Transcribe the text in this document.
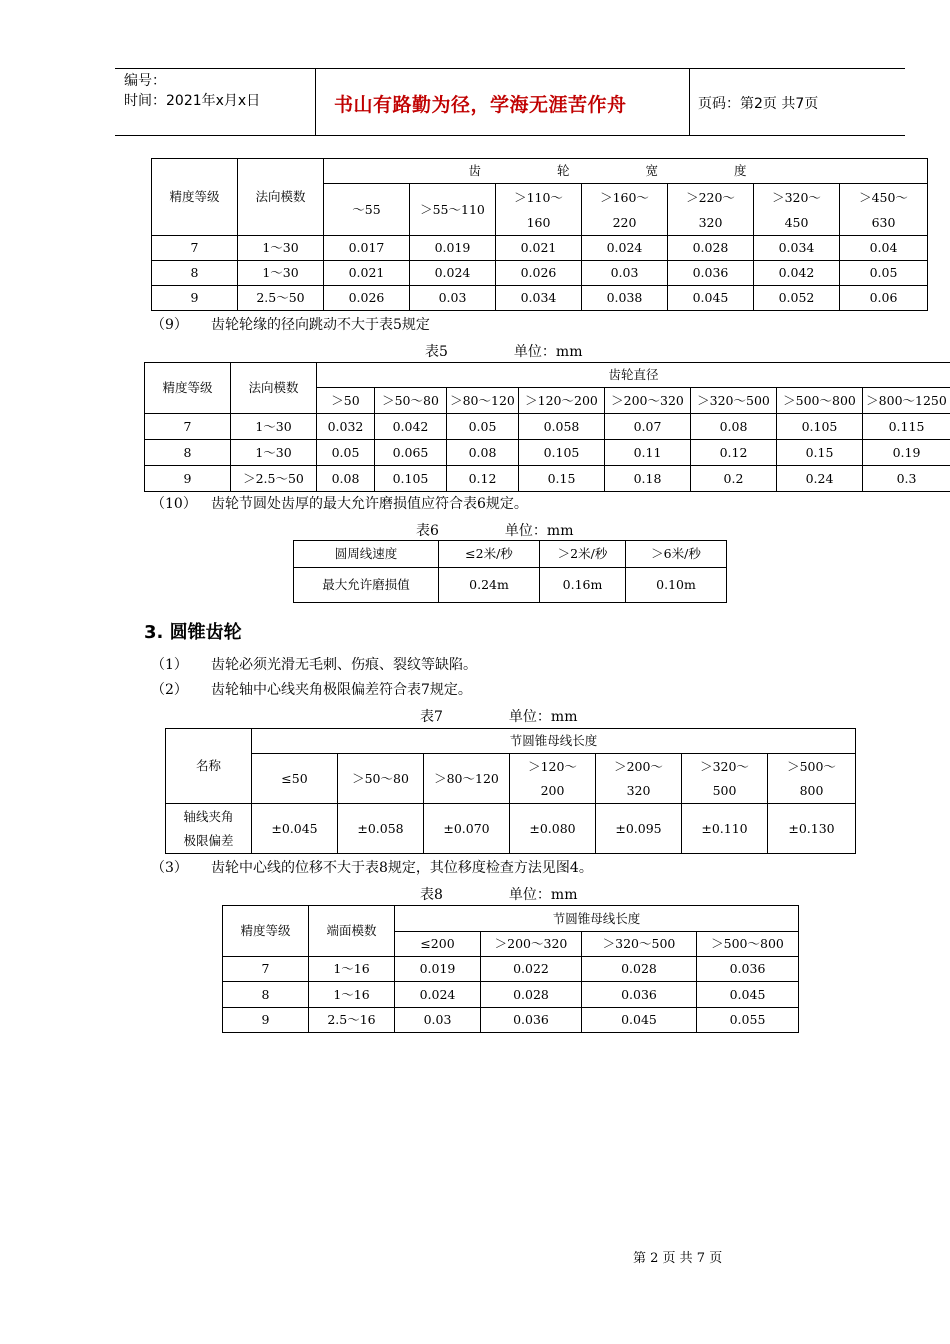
编号：
时间：2021年x月x日	书山有路勤为径，学海无涯苦作舟	页码：第2页 共7页
精度等级	法向模数	齿 轮 宽 度						
		～55	＞55～110	＞110～160	＞160～220	＞220～320	＞320～450	＞450～630
7	1～30	0.017	0.019	0.021	0.024	0.028	0.034	0.04
8	1～30	0.021	0.024	0.026	0.03	0.036	0.042	0.05
9	2.5～50	0.026	0.03	0.034	0.038	0.045	0.052	0.06
（9） 齿轮轮缘的径向跳动不大于表5规定
表5	单位：mm
精度等级	法向模数	齿轮直径							
		＞50	＞50～80	＞80～120	＞120～200	＞200～320	＞320～500	＞500～800	＞800～1250
7	1～30	0.032	0.042	0.05	0.058	0.07	0.08	0.105	0.115
8	1～30	0.05	0.065	0.08	0.105	0.11	0.12	0.15	0.19
9	＞2.5～50	0.08	0.105	0.12	0.15	0.18	0.2	0.24	0.3
（10） 齿轮节圆处齿厚的最大允许磨损值应符合表6规定。
表6	单位：mm
圆周线速度	≤2米/秒	＞2米/秒	＞6米/秒
最大允许磨损值	0.24m	0.16m	0.10m
3. 圆锥齿轮
（1） 齿轮必须光滑无毛刺、伤痕、裂纹等缺陷。
（2） 齿轮轴中心线夹角极限偏差符合表7规定。
表7	单位：mm
名称	节圆锥母线长度						
	≤50	＞50～80	＞80～120	＞120～200	＞200～320	＞320～500	＞500～800
轴线夹角极限偏差	±0.045	±0.058	±0.070	±0.080	±0.095	±0.110	±0.130
（3） 齿轮中心线的位移不大于表8规定，其位移度检查方法见图4。
表8	单位：mm
精度等级	端面模数	节圆锥母线长度			
		≤200	＞200～320	＞320～500	＞500～800
7	1～16	0.019	0.022	0.028	0.036
8	1～16	0.024	0.028	0.036	0.045
9	2.5～16	0.03	0.036	0.045	0.055
第 2 页 共 7 页
